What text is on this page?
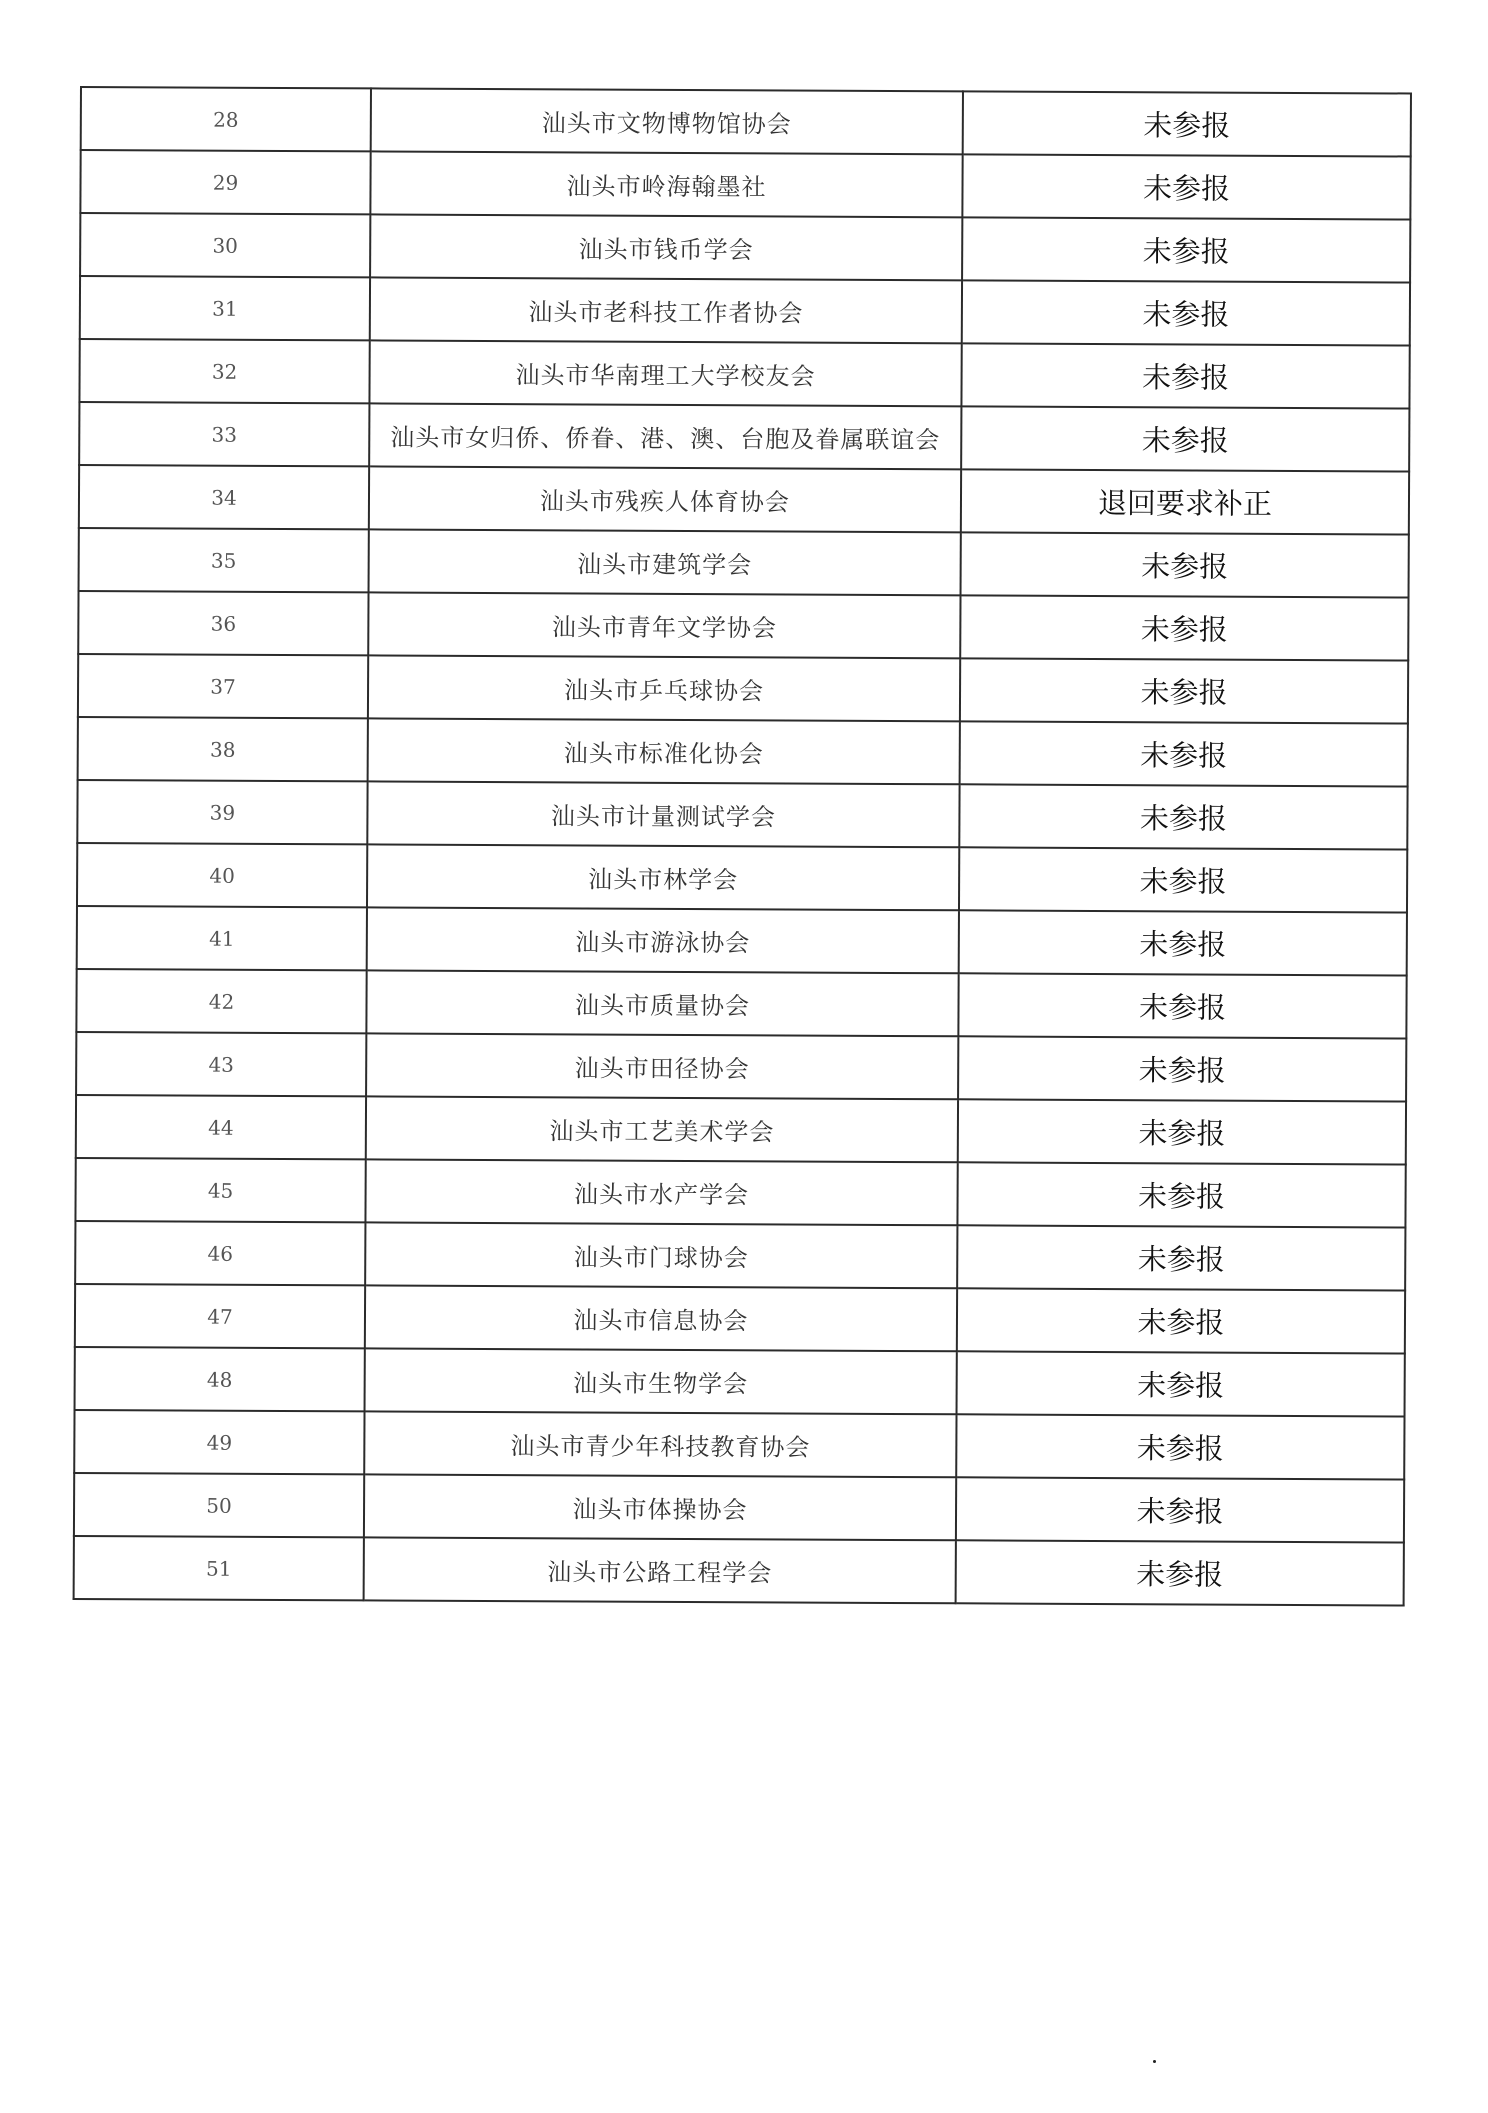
28	汕头市文物博物馆协会	未参报
29	汕头市岭海翰墨社	未参报
30	汕头市钱币学会	未参报
31	汕头市老科技工作者协会	未参报
32	汕头市华南理工大学校友会	未参报
33	汕头市女归侨、侨眷、港、澳、台胞及眷属联谊会	未参报
34	汕头市残疾人体育协会	退回要求补正
35	汕头市建筑学会	未参报
36	汕头市青年文学协会	未参报
37	汕头市乒乓球协会	未参报
38	汕头市标准化协会	未参报
39	汕头市计量测试学会	未参报
40	汕头市林学会	未参报
41	汕头市游泳协会	未参报
42	汕头市质量协会	未参报
43	汕头市田径协会	未参报
44	汕头市工艺美术学会	未参报
45	汕头市水产学会	未参报
46	汕头市门球协会	未参报
47	汕头市信息协会	未参报
48	汕头市生物学会	未参报
49	汕头市青少年科技教育协会	未参报
50	汕头市体操协会	未参报
51	汕头市公路工程学会	未参报
